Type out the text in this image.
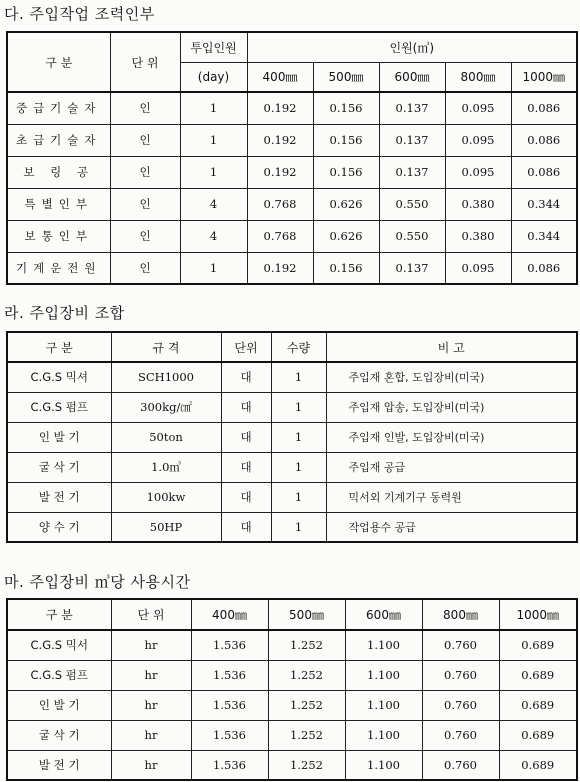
다. 주입작업 조력인부
구 분	단 위	투입인원	인원(㎥)				
		(day)	400㎜	500㎜	600㎜	800㎜	1000㎜
중급기술자	인	1	0.192	0.156	0.137	0.095	0.086
초급기술자	인	1	0.192	0.156	0.137	0.095	0.086
보 링 공	인	1	0.192	0.156	0.137	0.095	0.086
특별인부	인	4	0.768	0.626	0.550	0.380	0.344
보통인부	인	4	0.768	0.626	0.550	0.380	0.344
기계운전원	인	1	0.192	0.156	0.137	0.095	0.086
라. 주입장비 조합
구 분	규 격	단위	수량	비 고
C.G.S 믹셔	SCH1000	대	1	주입재 혼합, 도입장비(미국)
C.G.S 펌프	300kg/㎠	대	1	주입재 압송, 도입장비(미국)
인 발 기	50ton	대	1	주입재 인발, 도입장비(미국)
굴 삭 기	1.0㎥	대	1	주입재 공급
발 전 기	100kw	대	1	믹서외 기계기구 동력원
양 수 기	50HP	대	1	작업용수 공급
마. 주입장비 ㎥당 사용시간
구 분	단 위	400㎜	500㎜	600㎜	800㎜	1000㎜
C.G.S 믹서	hr	1.536	1.252	1.100	0.760	0.689
C.G.S 펌프	hr	1.536	1.252	1.100	0.760	0.689
인 발 기	hr	1.536	1.252	1.100	0.760	0.689
굴 삭 기	hr	1.536	1.252	1.100	0.760	0.689
발 전 기	hr	1.536	1.252	1.100	0.760	0.689
